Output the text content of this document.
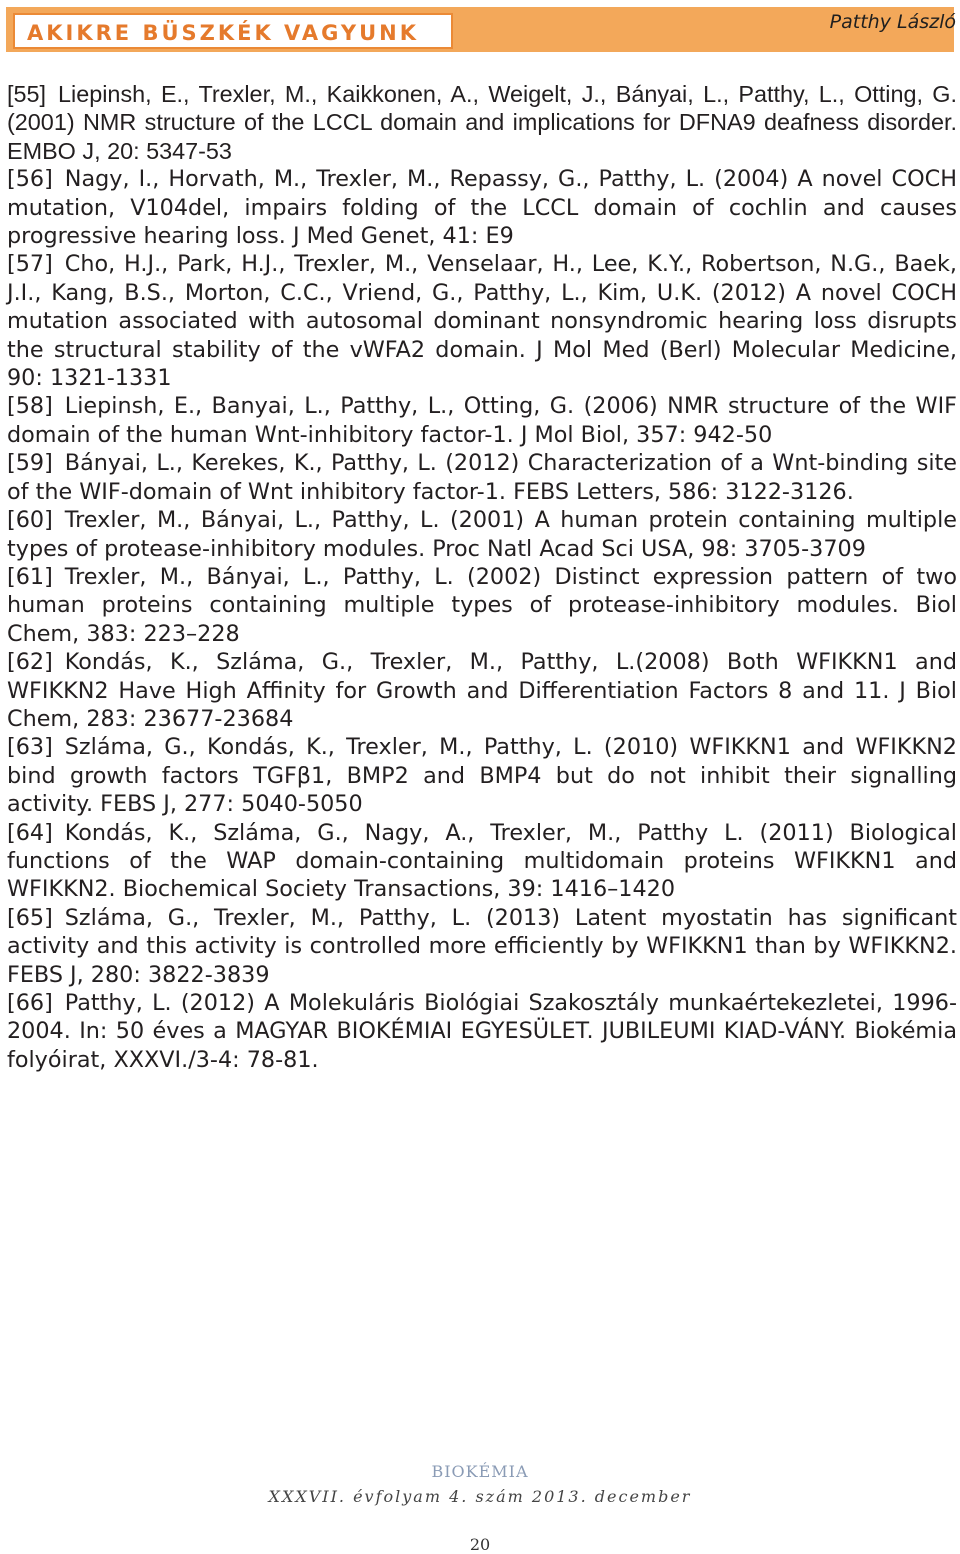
AKIKRE BÜSZKÉK VAGYUNK	Patthy László
[55] Liepinsh, E., Trexler, M., Kaikkonen, A., Weigelt, J., Bányai, L., Patthy, L., Otting, G. (2001) NMR structure of the LCCL domain and implications for DFNA9 deafness disorder. EMBO J, 20: 5347-53
[56] Nagy, I., Horvath, M., Trexler, M., Repassy, G., Patthy, L. (2004) A novel COCH mutation, V104del, impairs folding of the LCCL domain of cochlin and causes progressive hearing loss. J Med Genet, 41: E9
[57] Cho, H.J., Park, H.J., Trexler, M., Venselaar, H., Lee, K.Y., Robertson, N.G., Baek, J.I., Kang, B.S., Morton, C.C., Vriend, G., Patthy, L., Kim, U.K. (2012) A novel COCH mutation associated with autosomal dominant nonsyndromic hearing loss disrupts the structural stability of the vWFA2 domain. J Mol Med (Berl) Molecular Medicine, 90: 1321-1331
[58] Liepinsh, E., Banyai, L., Patthy, L., Otting, G. (2006) NMR structure of the WIF domain of the human Wnt-inhibitory factor-1. J Mol Biol, 357: 942-50
[59] Bányai, L., Kerekes, K., Patthy, L. (2012) Characterization of a Wnt-binding site of the WIF-domain of Wnt inhibitory factor-1. FEBS Letters, 586: 3122-3126.
[60] Trexler, M., Bányai, L., Patthy, L. (2001) A human protein containing multiple types of protease-inhibitory modules. Proc Natl Acad Sci USA, 98: 3705-3709
[61] Trexler, M., Bányai, L., Patthy, L. (2002) Distinct expression pattern of two human proteins containing multiple types of protease-inhibitory modules. Biol Chem, 383: 223–228
[62] Kondás, K., Szláma, G., Trexler, M., Patthy, L.(2008) Both WFIKKN1 and WFIKKN2 Have High Affinity for Growth and Differentiation Factors 8 and 11. J Biol Chem, 283: 23677-23684
[63] Szláma, G., Kondás, K., Trexler, M., Patthy, L. (2010) WFIKKN1 and WFIKKN2 bind growth factors TGFβ1, BMP2 and BMP4 but do not inhibit their signalling activity. FEBS J, 277: 5040-5050
[64] Kondás, K., Szláma, G., Nagy, A., Trexler, M., Patthy L. (2011) Biological functions of the WAP domain-containing multidomain proteins WFIKKN1 and WFIKKN2. Biochemical Society Transactions, 39: 1416–1420
[65] Szláma, G., Trexler, M., Patthy, L. (2013) Latent myostatin has significant activity and this activity is controlled more efficiently by WFIKKN1 than by WFIKKN2. FEBS J, 280: 3822-3839
[66] Patthy, L. (2012) A Molekuláris Biológiai Szakosztály munkaértekezletei, 1996-2004. In: 50 éves a MAGYAR BIOKÉMIAI EGYESÜLET. JUBILEUMI KIAD-VÁNY. Biokémia folyóirat, XXXVI./3-4: 78-81.
BIOKÉMIA
XXXVII. évfolyam 4. szám 2013. december
20
